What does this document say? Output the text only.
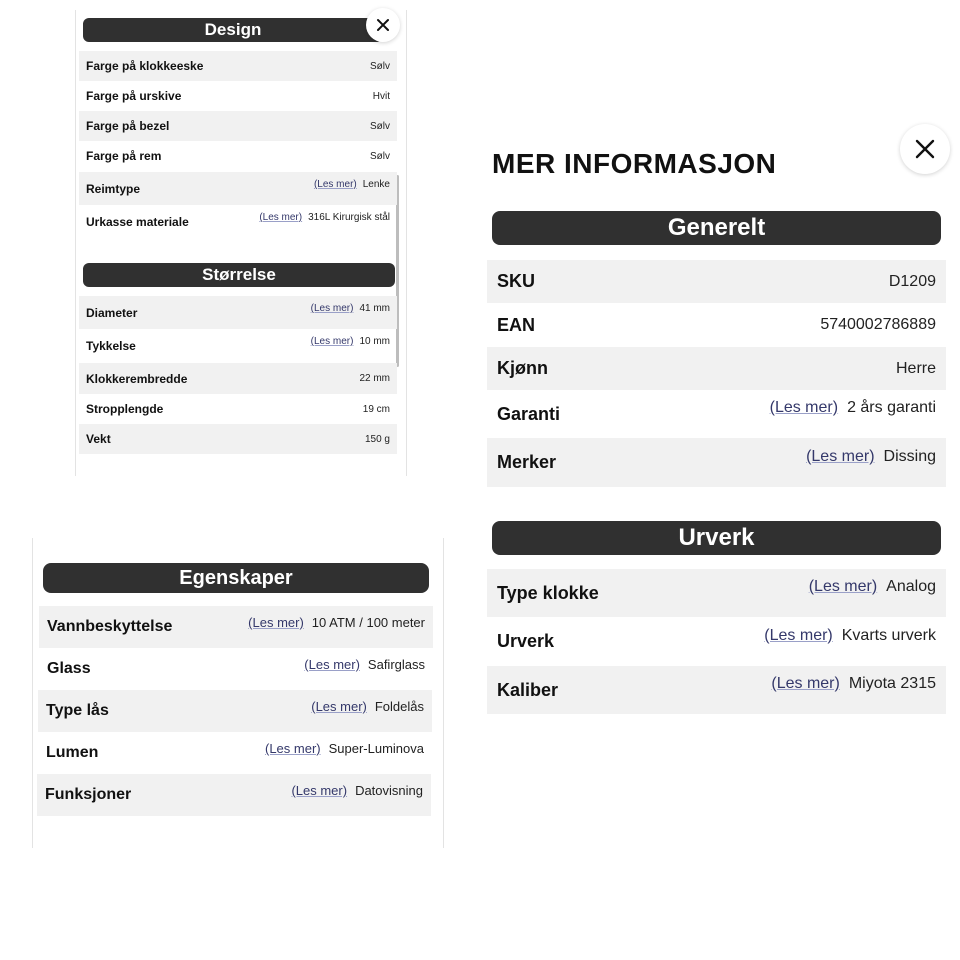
Design
Farge på klokkeeske	Sølv
Farge på urskive	Hvit
Farge på bezel	Sølv
Farge på rem	Sølv
Reimtype	(Les mer) Lenke
Urkasse materiale	(Les mer) 316L Kirurgisk stål
Størrelse
Diameter	(Les mer) 41 mm
Tykkelse	(Les mer) 10 mm
Klokkerembredde	22 mm
Stropplengde	19 cm
Vekt	150 g
MER INFORMASJON
Generelt
SKU	D1209
EAN	5740002786889
Kjønn	Herre
Garanti	(Les mer) 2 års garanti
Merker	(Les mer) Dissing
Urverk
Type klokke	(Les mer) Analog
Urverk	(Les mer) Kvarts urverk
Kaliber	(Les mer) Miyota 2315
Egenskaper
Vannbeskyttelse	(Les mer) 10 ATM / 100 meter
Glass	(Les mer) Safirglass
Type lås	(Les mer) Foldelås
Lumen	(Les mer) Super-Luminova
Funksjoner	(Les mer) Datovisning
